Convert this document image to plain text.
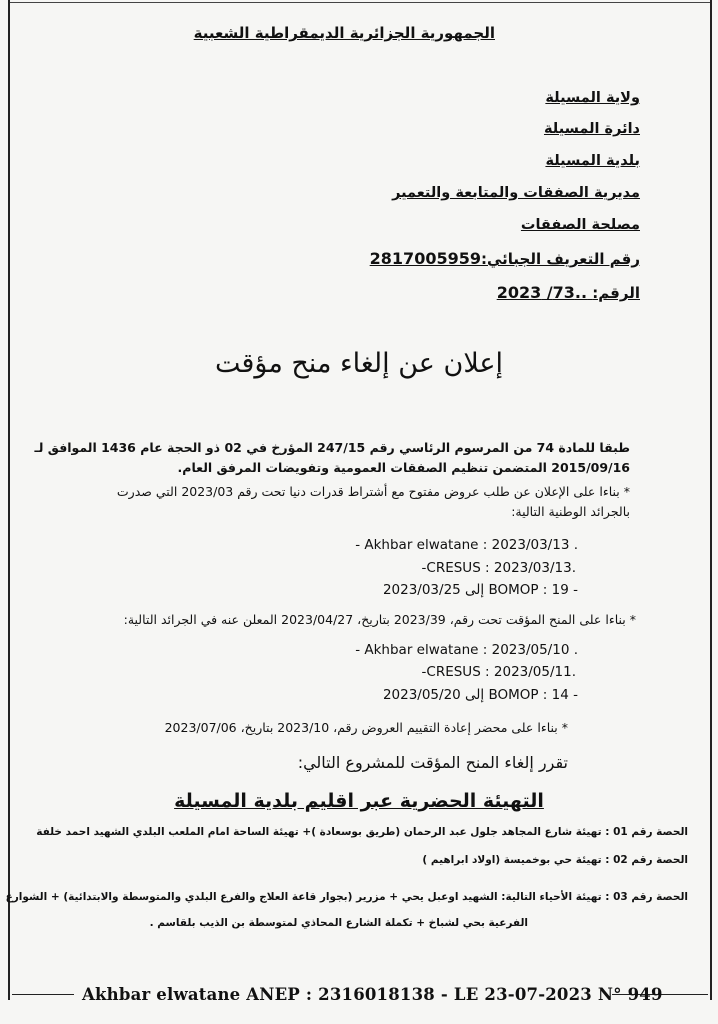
الجمهورية الجزائرية الديمقراطية الشعبية
ولاية المسيلة
دائرة المسيلة
بلدية المسيلة
مديرية الصفقات والمتابعة والتعمير
مصلحة الصفقات
رقم التعريف الجبائي:2817005959
الرقم: ..73/ 2023
إعلان عن إلغاء منح مؤقت
طبقا للمادة 74 من المرسوم الرئاسي رقم 247/15 المؤرخ في 02 ذو الحجة عام 1436 الموافق لـ
2015/09/16 المتضمن تنظيم الصفقات العمومية وتفويضات المرفق العام.
* بناءا على الإعلان عن طلب عروض مفتوح مع أشتراط قدرات دنيا تحت رقم 2023/03 التي صدرت
بالجرائد الوطنية التالية:
- Akhbar elwatane : 2023/03/13 .
-CRESUS : 2023/03/13.
- BOMOP : 19 إلى 2023/03/25
* بناءا على المنح المؤقت تحت رقم، 2023/39 بتاريخ، 2023/04/27 المعلن عنه في الجرائد التالية:
- Akhbar elwatane : 2023/05/10 .
-CRESUS : 2023/05/11.
- BOMOP : 14 إلى 2023/05/20
* بناءا على محضر إعادة التقييم العروض رقم، 2023/10 بتاريخ، 2023/07/06
تقرر إلغاء المنح المؤقت للمشروع التالي:
التهيئة الحضرية عبر اقليم بلدية المسيلة
الحصة رقم 01 : تهيئة شارع المجاهد جلول عبد الرحمان (طريق بوسعادة )+ تهيئة الساحة امام الملعب البلدي الشهيد احمد خلفة
الحصة رقم 02 : تهيئة حي بوخميسة (اولاد ابراهيم )
الحصة رقم 03 : تهيئة الأحياء التالية: الشهيد اوعبل يحي + مزرير (بجوار قاعة العلاج والفرع البلدي والمتوسطة والابتدائية) + الشوارع
الفرعية بحي لشباخ + تكملة الشارع المحاذي لمتوسطة بن الذيب بلقاسم .
Akhbar elwatane ANEP : 2316018138 - LE 23-07-2023 N° 949
